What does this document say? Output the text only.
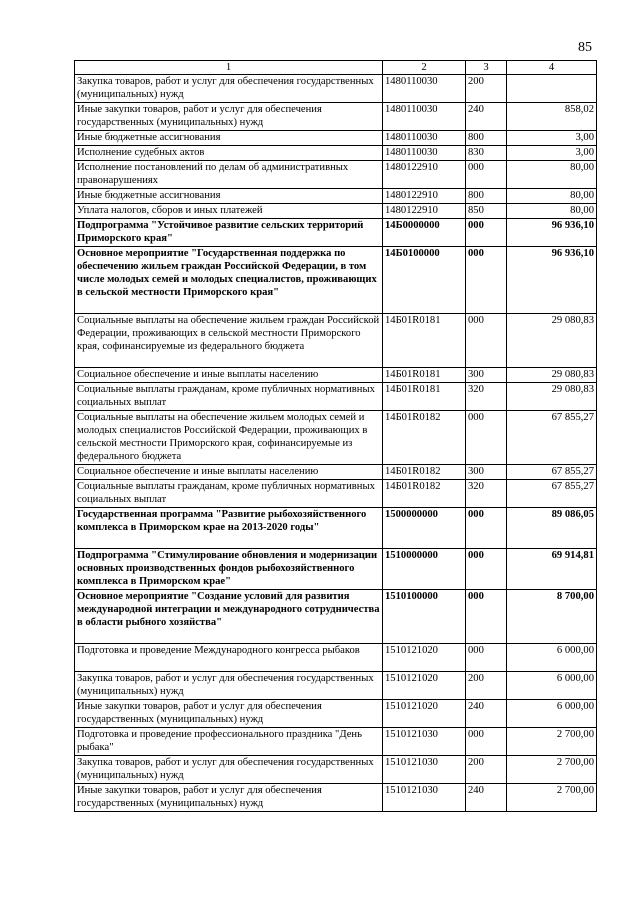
85
1	2	3	4
Закупка товаров, работ и услуг для обеспечения государственных (муниципальных) нужд	1480110030	200	
Иные закупки товаров, работ и услуг для обеспечения государственных (муниципальных) нужд	1480110030	240	858,02
Иные бюджетные ассигнования	1480110030	800	3,00
Исполнение судебных актов	1480110030	830	3,00
Исполнение постановлений по делам об административных правонарушениях	1480122910	000	80,00
Иные бюджетные ассигнования	1480122910	800	80,00
Уплата налогов, сборов и иных платежей	1480122910	850	80,00
Подпрограмма "Устойчивое развитие сельских территорий Приморского края"	14Б0000000	000	96 936,10
Основное мероприятие "Государственная поддержка по обеспечению жильем граждан Российской Федерации, в том числе молодых семей и молодых специалистов, проживающих в сельской местности Приморского края"	14Б0100000	000	96 936,10
Социальные выплаты на обеспечение жильем граждан Российской Федерации, проживающих в сельской местности Приморского края, софинансируемые из федерального бюджета	14Б01R0181	000	29 080,83
Социальное обеспечение и иные выплаты населению	14Б01R0181	300	29 080,83
Социальные выплаты гражданам, кроме публичных нормативных социальных выплат	14Б01R0181	320	29 080,83
Социальные выплаты на обеспечение жильем молодых семей и молодых специалистов Российской Федерации, проживающих в сельской местности Приморского края, софинансируемые из федерального бюджета	14Б01R0182	000	67 855,27
Социальное обеспечение и иные выплаты населению	14Б01R0182	300	67 855,27
Социальные выплаты гражданам, кроме публичных нормативных социальных выплат	14Б01R0182	320	67 855,27
Государственная программа "Развитие рыбохозяйственного комплекса в Приморском крае на 2013-2020 годы"	1500000000	000	89 086,05
Подпрограмма "Стимулирование обновления и модернизации основных производственных фондов рыбохозяйственного комплекса в Приморском крае"	1510000000	000	69 914,81
Основное мероприятие "Создание условий для развития международной интеграции и международного сотрудничества в области рыбного хозяйства"	1510100000	000	8 700,00
Подготовка и проведение Международного конгресса рыбаков	1510121020	000	6 000,00
Закупка товаров, работ и услуг для обеспечения государственных (муниципальных) нужд	1510121020	200	6 000,00
Иные закупки товаров, работ и услуг для обеспечения государственных (муниципальных) нужд	1510121020	240	6 000,00
Подготовка и проведение профессионального праздника "День рыбака"	1510121030	000	2 700,00
Закупка товаров, работ и услуг для обеспечения государственных (муниципальных) нужд	1510121030	200	2 700,00
Иные закупки товаров, работ и услуг для обеспечения государственных (муниципальных) нужд	1510121030	240	2 700,00
